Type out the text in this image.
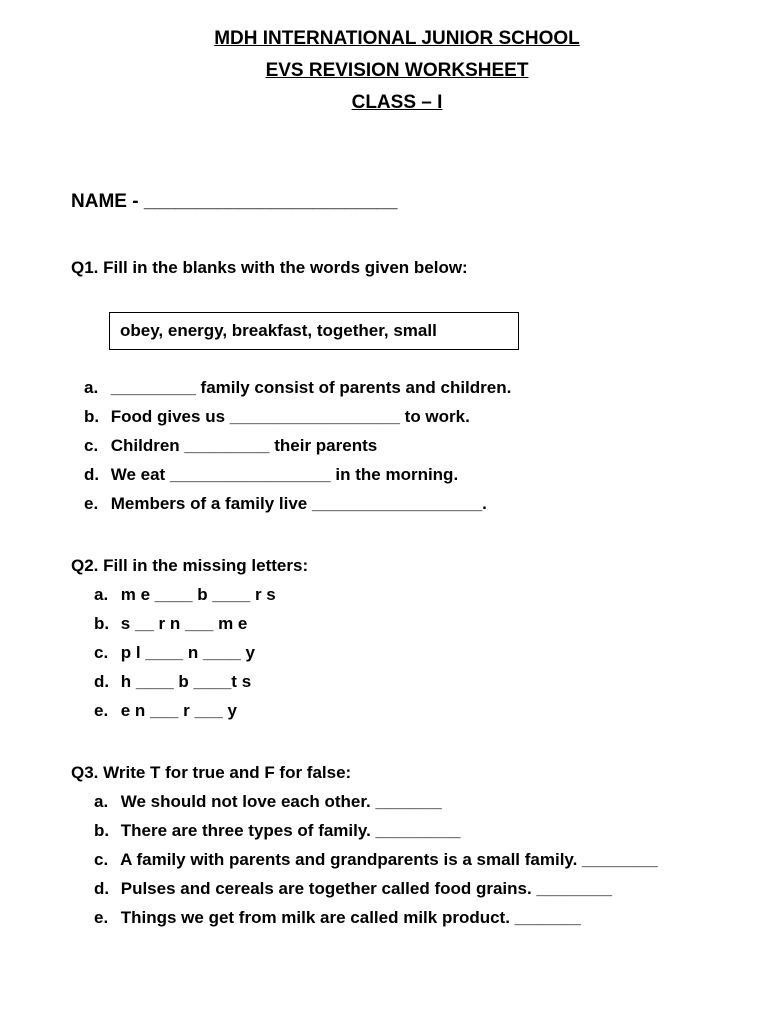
MDH INTERNATIONAL JUNIOR SCHOOL
EVS REVISION WORKSHEET
CLASS – I
NAME - ________________________
Q1. Fill in the blanks with the words given below:
obey, energy, breakfast, together, small
a. _________ family consist of parents and children.
b. Food gives us __________________ to work.
c. Children _________ their parents
d. We eat _________________ in the morning.
e. Members of a family live __________________.
Q2. Fill in the missing letters:
a. m e ____ b ____ r s
b. s __ r n ___ m e
c. p l ____ n ____ y
d. h ____ b ____t s
e. e n ___ r ___ y
Q3. Write T for true and F for false:
a. We should not love each other. _______
b. There are three types of family. _________
c. A family with parents and grandparents is a small family. ________
d. Pulses and cereals are together called food grains. ________
e. Things we get from milk are called milk product. _______
